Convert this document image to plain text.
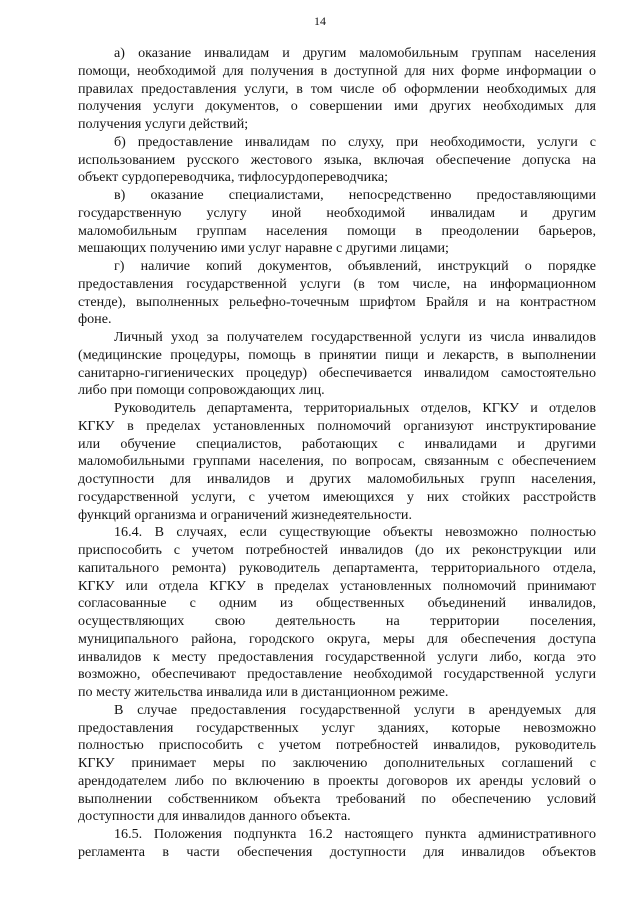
14
а) оказание инвалидам и другим маломобильным группам населения
помощи, необходимой для получения в доступной для них форме информации о
правилах предоставления услуги, в том числе об оформлении необходимых для
получения услуги документов, о совершении ими других необходимых для
получения услуги действий;
б) предоставление инвалидам по слуху, при необходимости, услуги с
использованием русского жестового языка, включая обеспечение допуска на
объект сурдопереводчика, тифлосурдопереводчика;
в) оказание специалистами, непосредственно предоставляющими
государственную услугу иной необходимой инвалидам и другим
маломобильным группам населения помощи в преодолении барьеров,
мешающих получению ими услуг наравне с другими лицами;
г) наличие копий документов, объявлений, инструкций о порядке
предоставления государственной услуги (в том числе, на информационном
стенде), выполненных рельефно-точечным шрифтом Брайля и на контрастном
фоне.
Личный уход за получателем государственной услуги из числа инвалидов
(медицинские процедуры, помощь в принятии пищи и лекарств, в выполнении
санитарно-гигиенических процедур) обеспечивается инвалидом самостоятельно
либо при помощи сопровождающих лиц.
Руководитель департамента, территориальных отделов, КГКУ и отделов
КГКУ в пределах установленных полномочий организуют инструктирование
или обучение специалистов, работающих с инвалидами и другими
маломобильными группами населения, по вопросам, связанным с обеспечением
доступности для инвалидов и других маломобильных групп населения,
государственной услуги, с учетом имеющихся у них стойких расстройств
функций организма и ограничений жизнедеятельности.
16.4. В случаях, если существующие объекты невозможно полностью
приспособить с учетом потребностей инвалидов (до их реконструкции или
капитального ремонта) руководитель департамента, территориального отдела,
КГКУ или отдела КГКУ в пределах установленных полномочий принимают
согласованные с одним из общественных объединений инвалидов,
осуществляющих свою деятельность на территории поселения,
муниципального района, городского округа, меры для обеспечения доступа
инвалидов к месту предоставления государственной услуги либо, когда это
возможно, обеспечивают предоставление необходимой государственной услуги
по месту жительства инвалида или в дистанционном режиме.
В случае предоставления государственной услуги в арендуемых для
предоставления государственных услуг зданиях, которые невозможно
полностью приспособить с учетом потребностей инвалидов, руководитель
КГКУ принимает меры по заключению дополнительных соглашений с
арендодателем либо по включению в проекты договоров их аренды условий о
выполнении собственником объекта требований по обеспечению условий
доступности для инвалидов данного объекта.
16.5. Положения подпункта 16.2 настоящего пункта административного
регламента в части обеспечения доступности для инвалидов объектов
